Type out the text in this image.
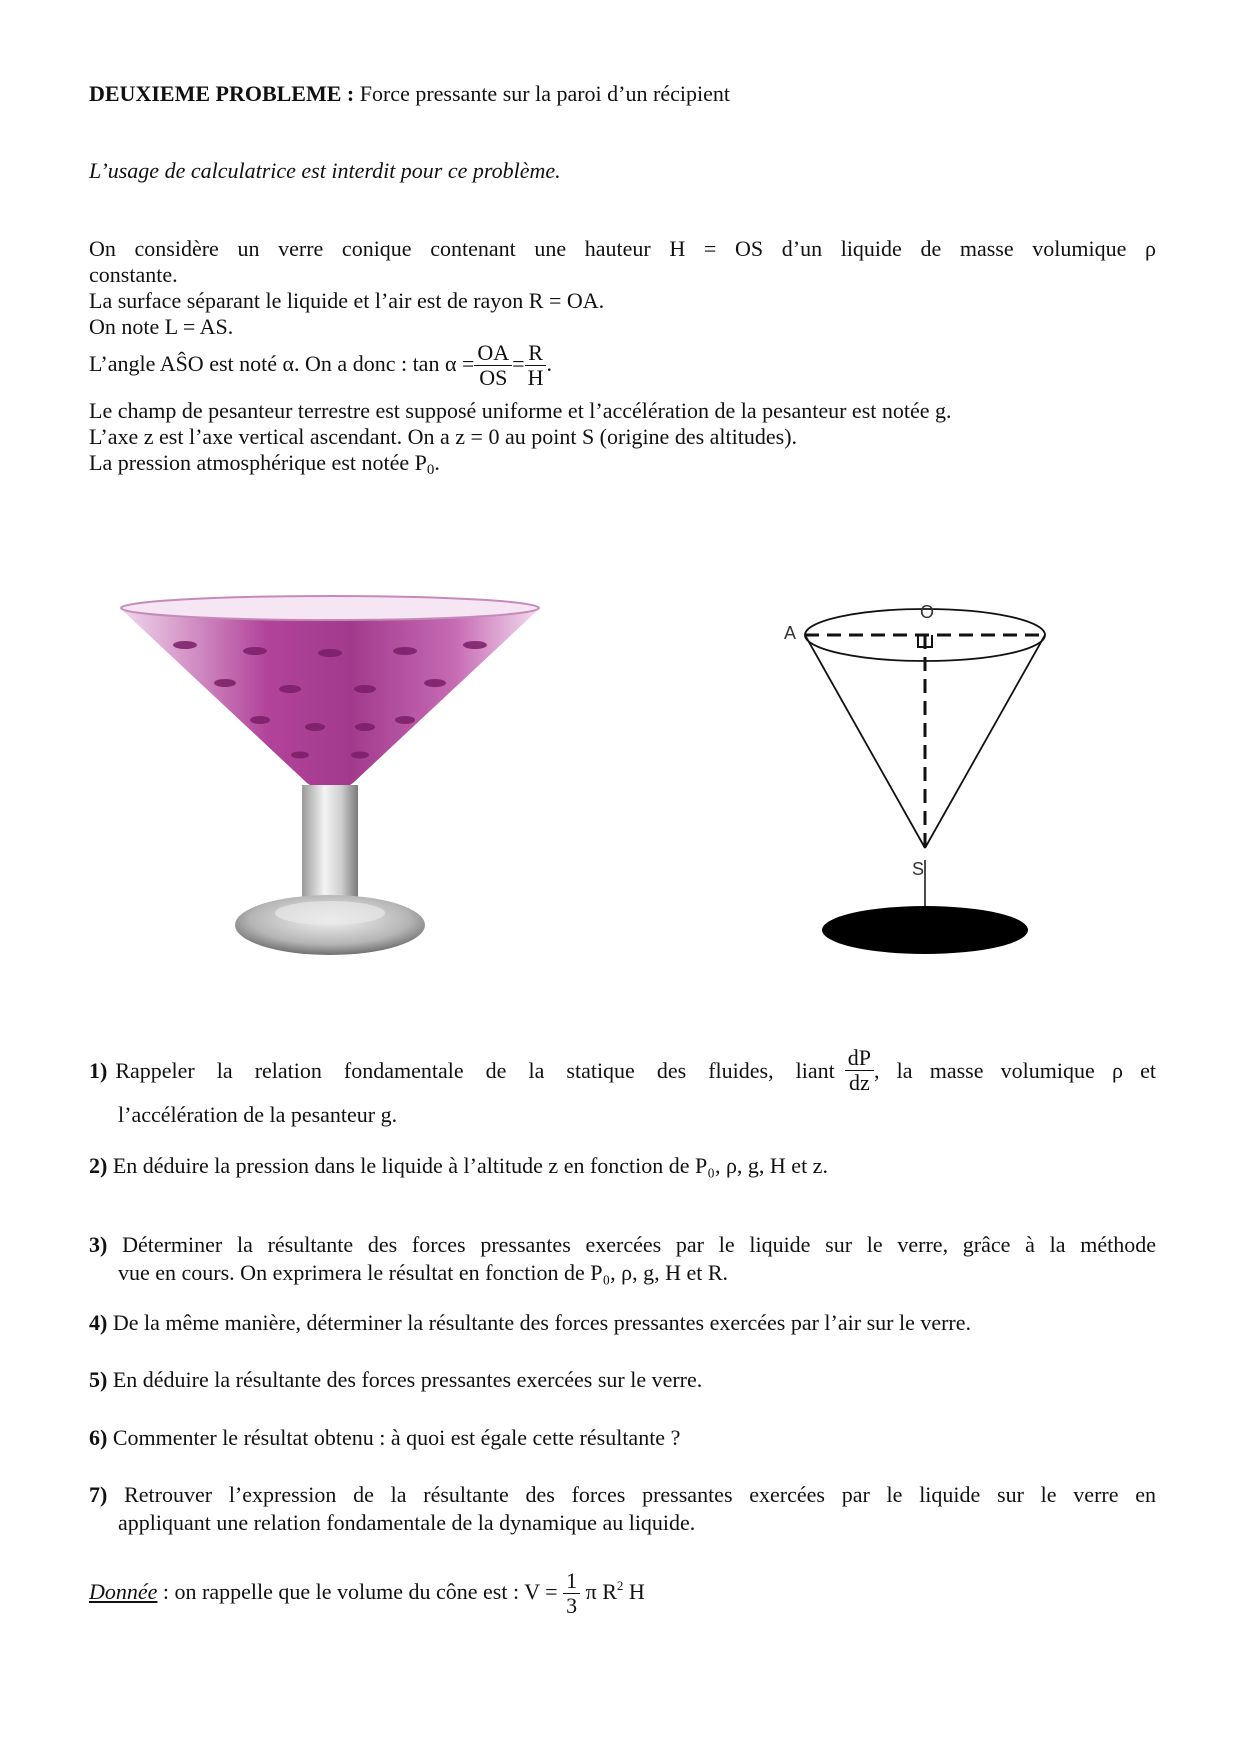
DEUXIEME PROBLEME : Force pressante sur la paroi d’un récipient
L’usage de calculatrice est interdit pour ce problème.
On considère un verre conique contenant une hauteur H = OS d’un liquide de masse volumique ρ
constante.
La surface séparant le liquide et l’air est de rayon R = OA.
On note L = AS.
L’angle AŜO est noté α. On a donc : $\tan \alpha = \frac{OA}{OS} = \frac{R}{H}$ .
Le champ de pesanteur terrestre est supposé uniforme et l’accélération de la pesanteur est notée g.
L’axe z est l’axe vertical ascendant. On a z = 0 au point S (origine des altitudes).
La pression atmosphérique est notée $P_0$.
O
A
S
1) Rappeler la relation fondamentale de la statique des fluides, liant $\frac{dP}{dz}$ , la masse volumique ρ et
l’accélération de la pesanteur g.
2) En déduire la pression dans le liquide à l’altitude z en fonction de P₀, ρ, g, H et z.
3) Déterminer la résultante des forces pressantes exercées par le liquide sur le verre, grâce à la méthode
vue en cours. On exprimera le résultat en fonction de P₀, ρ, g, H et R.
4) De la même manière, déterminer la résultante des forces pressantes exercées par l’air sur le verre.
5) En déduire la résultante des forces pressantes exercées sur le verre.
6) Commenter le résultat obtenu : à quoi est égale cette résultante ?
7) Retrouver l’expression de la résultante des forces pressantes exercées par le liquide sur le verre en
appliquant une relation fondamentale de la dynamique au liquide.
Donnée : on rappelle que le volume du cône est : $V = \frac{1}{3}$ π $R^2$ H
